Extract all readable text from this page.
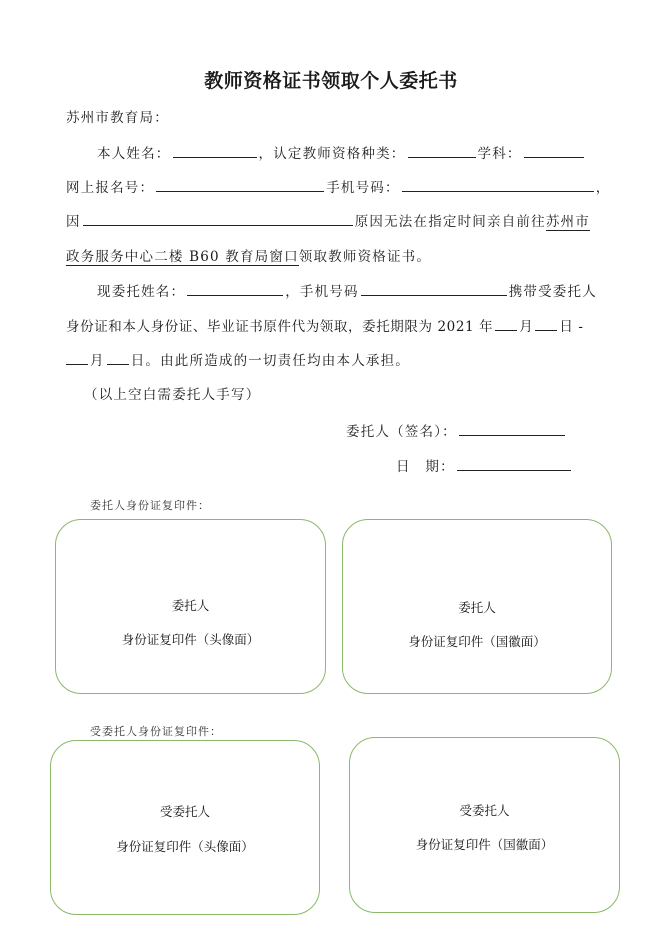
教师资格证书领取个人委托书
苏州市教育局：
本人姓名：	，认定教师资格种类：	学科：
网上报名号：	手机号码：	，
因	原因无法在指定时间亲自前往苏州市
政务服务中心二楼 B60 教育局窗口领取教师资格证书。
现委托姓名：	，手机号码	携带受委托人
身份证和本人身份证、毕业证书原件代为领取，委托期限为 2021 年 月 日 -
月 日。由此所造成的一切责任均由本人承担。
（以上空白需委托人手写）
委托人（签名）：
日　期：
委托人身份证复印件：
委托人
身份证复印件（头像面）
委托人
身份证复印件（国徽面）
受委托人身份证复印件：
受委托人
身份证复印件（头像面）
受委托人
身份证复印件（国徽面）
